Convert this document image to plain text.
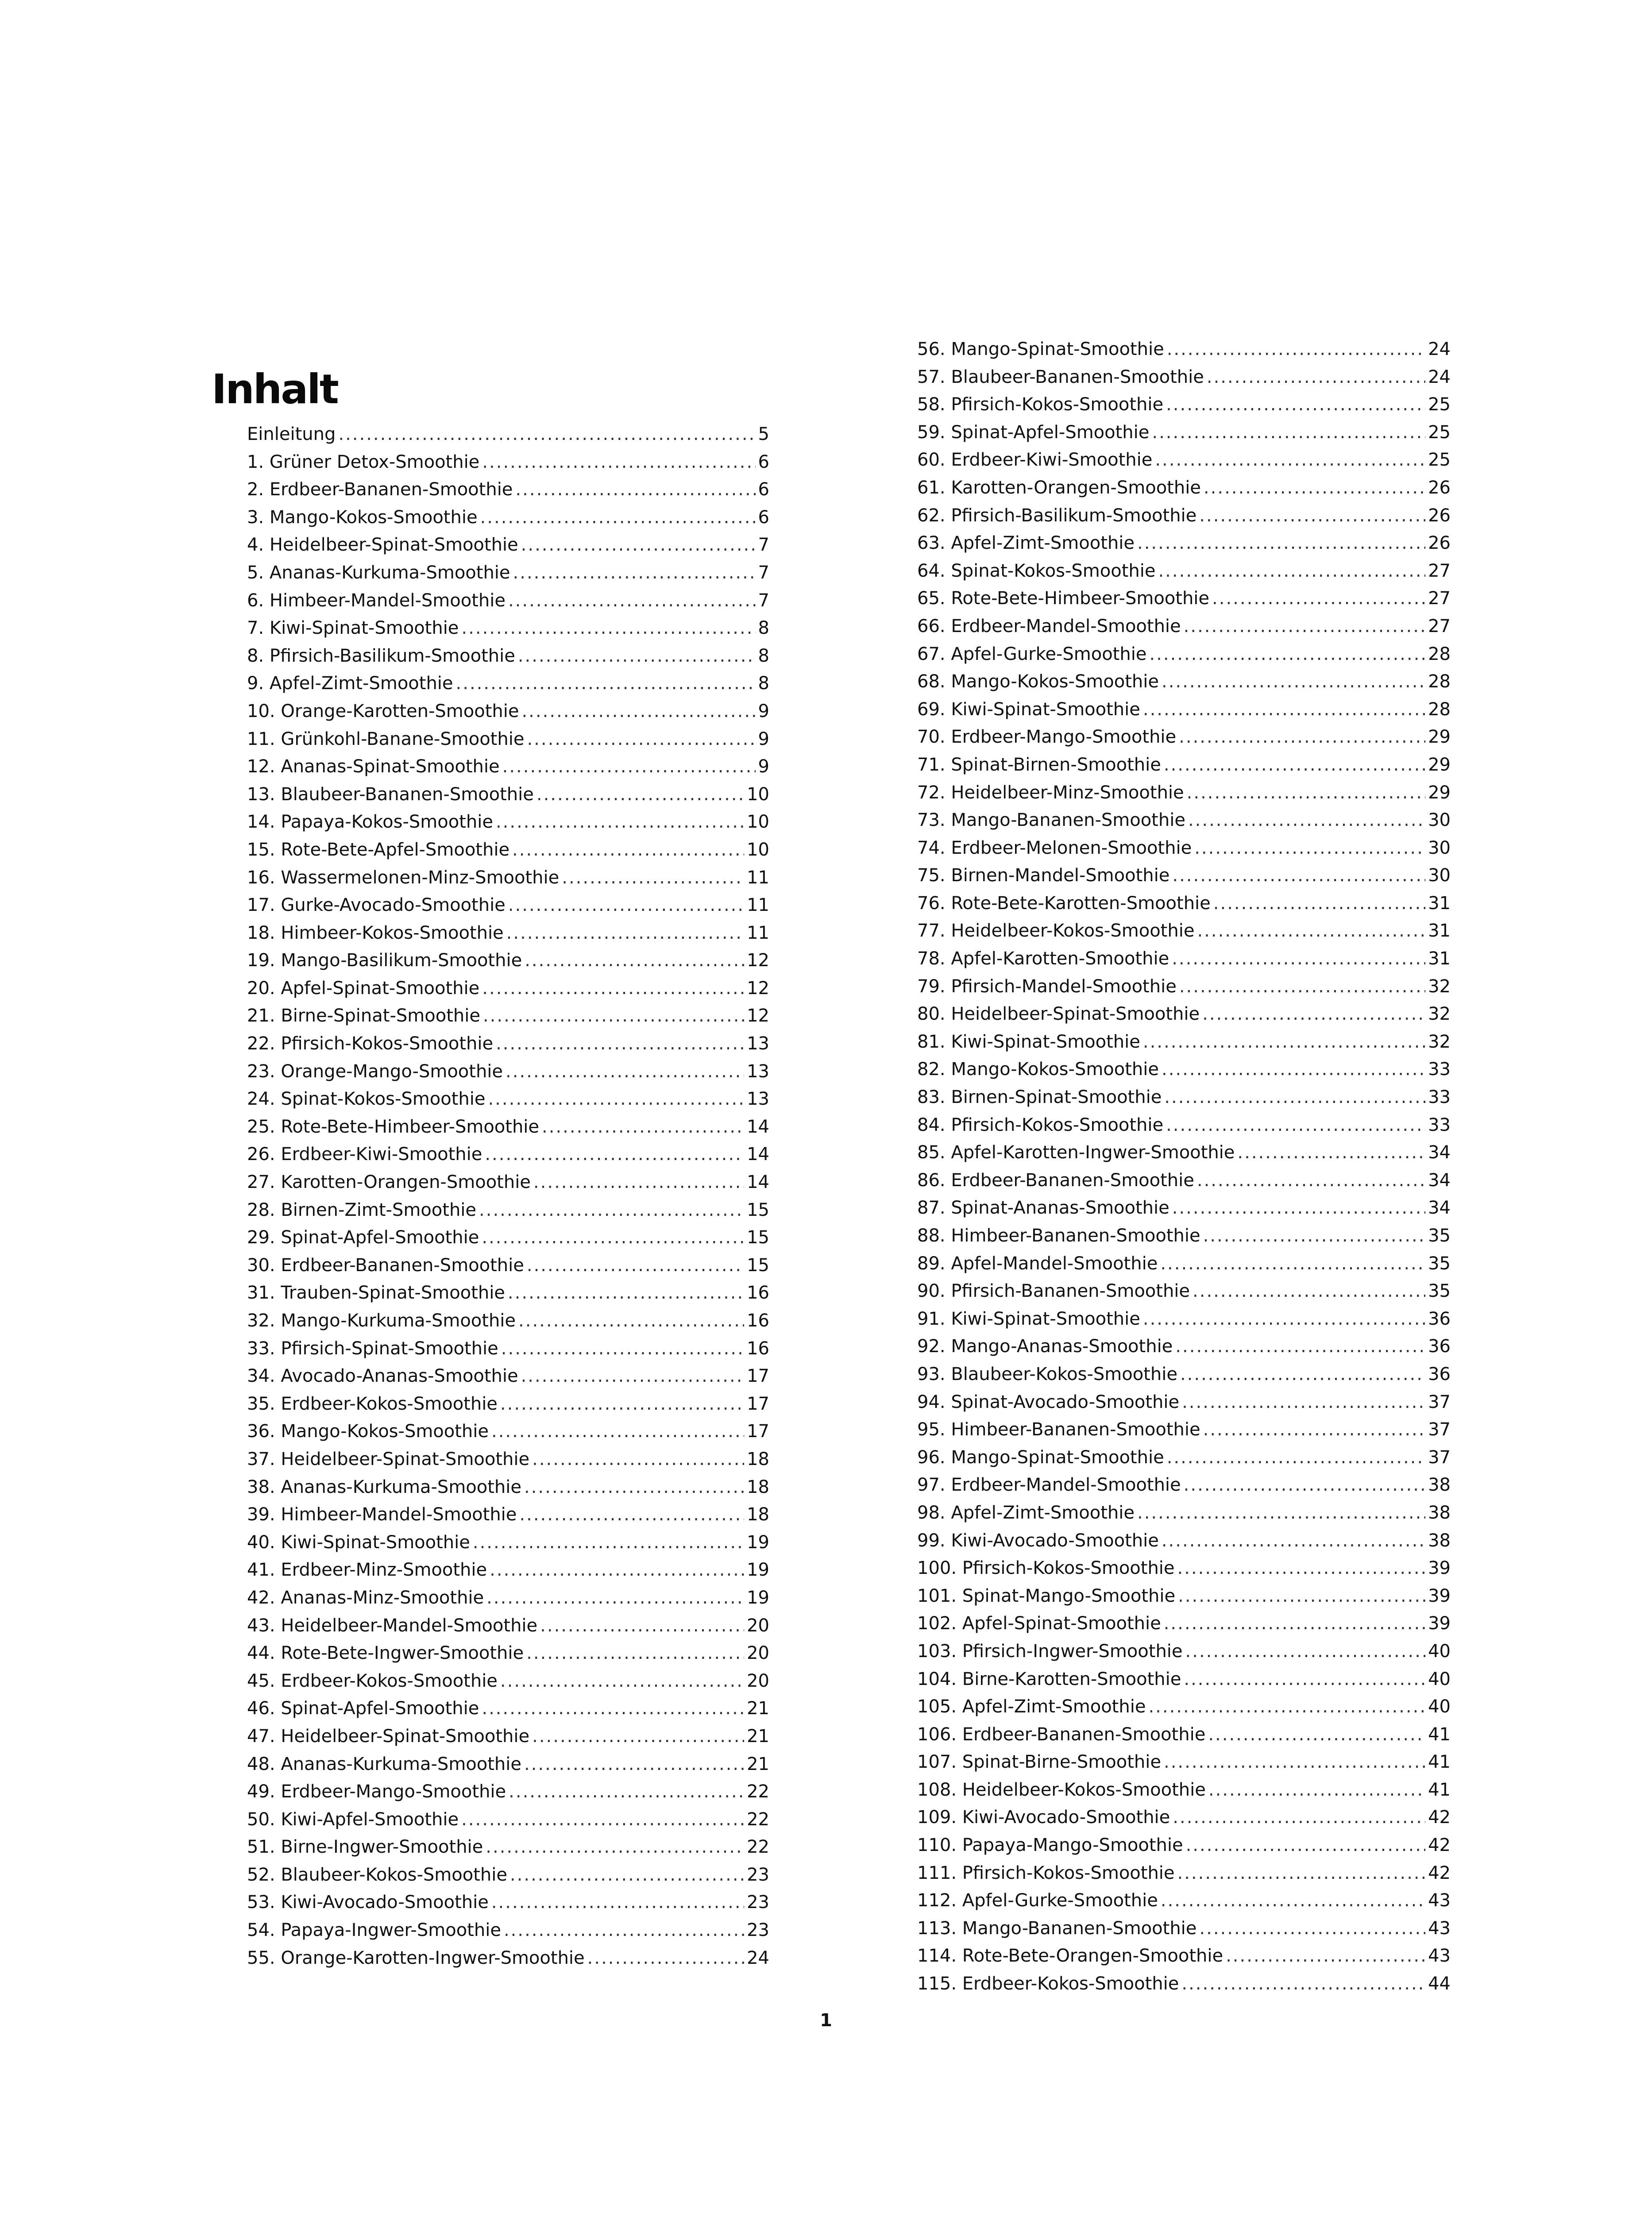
Inhalt
Einleitung .....	5
1. Grüner Detox-Smoothie .....	6
2. Erdbeer-Bananen-Smoothie .....	6
3. Mango-Kokos-Smoothie .....	6
4. Heidelbeer-Spinat-Smoothie .....	7
5. Ananas-Kurkuma-Smoothie .....	7
6. Himbeer-Mandel-Smoothie .....	7
7. Kiwi-Spinat-Smoothie .....	8
8. Pfirsich-Basilikum-Smoothie .....	8
9. Apfel-Zimt-Smoothie .....	8
10. Orange-Karotten-Smoothie .....	9
11. Grünkohl-Banane-Smoothie .....	9
12. Ananas-Spinat-Smoothie .....	9
13. Blaubeer-Bananen-Smoothie .....	10
14. Papaya-Kokos-Smoothie .....	10
15. Rote-Bete-Apfel-Smoothie .....	10
16. Wassermelonen-Minz-Smoothie .....	11
17. Gurke-Avocado-Smoothie .....	11
18. Himbeer-Kokos-Smoothie .....	11
19. Mango-Basilikum-Smoothie .....	12
20. Apfel-Spinat-Smoothie .....	12
21. Birne-Spinat-Smoothie .....	12
22. Pfirsich-Kokos-Smoothie .....	13
23. Orange-Mango-Smoothie .....	13
24. Spinat-Kokos-Smoothie .....	13
25. Rote-Bete-Himbeer-Smoothie .....	14
26. Erdbeer-Kiwi-Smoothie .....	14
27. Karotten-Orangen-Smoothie .....	14
28. Birnen-Zimt-Smoothie .....	15
29. Spinat-Apfel-Smoothie .....	15
30. Erdbeer-Bananen-Smoothie .....	15
31. Trauben-Spinat-Smoothie .....	16
32. Mango-Kurkuma-Smoothie .....	16
33. Pfirsich-Spinat-Smoothie .....	16
34. Avocado-Ananas-Smoothie .....	17
35. Erdbeer-Kokos-Smoothie .....	17
36. Mango-Kokos-Smoothie .....	17
37. Heidelbeer-Spinat-Smoothie .....	18
38. Ananas-Kurkuma-Smoothie .....	18
39. Himbeer-Mandel-Smoothie .....	18
40. Kiwi-Spinat-Smoothie .....	19
41. Erdbeer-Minz-Smoothie .....	19
42. Ananas-Minz-Smoothie .....	19
43. Heidelbeer-Mandel-Smoothie .....	20
44. Rote-Bete-Ingwer-Smoothie .....	20
45. Erdbeer-Kokos-Smoothie .....	20
46. Spinat-Apfel-Smoothie .....	21
47. Heidelbeer-Spinat-Smoothie .....	21
48. Ananas-Kurkuma-Smoothie .....	21
49. Erdbeer-Mango-Smoothie .....	22
50. Kiwi-Apfel-Smoothie .....	22
51. Birne-Ingwer-Smoothie .....	22
52. Blaubeer-Kokos-Smoothie .....	23
53. Kiwi-Avocado-Smoothie .....	23
54. Papaya-Ingwer-Smoothie .....	23
55. Orange-Karotten-Ingwer-Smoothie .....	24
56. Mango-Spinat-Smoothie .....	24
57. Blaubeer-Bananen-Smoothie .....	24
58. Pfirsich-Kokos-Smoothie .....	25
59. Spinat-Apfel-Smoothie .....	25
60. Erdbeer-Kiwi-Smoothie .....	25
61. Karotten-Orangen-Smoothie .....	26
62. Pfirsich-Basilikum-Smoothie .....	26
63. Apfel-Zimt-Smoothie .....	26
64. Spinat-Kokos-Smoothie .....	27
65. Rote-Bete-Himbeer-Smoothie .....	27
66. Erdbeer-Mandel-Smoothie .....	27
67. Apfel-Gurke-Smoothie .....	28
68. Mango-Kokos-Smoothie .....	28
69. Kiwi-Spinat-Smoothie .....	28
70. Erdbeer-Mango-Smoothie .....	29
71. Spinat-Birnen-Smoothie .....	29
72. Heidelbeer-Minz-Smoothie .....	29
73. Mango-Bananen-Smoothie .....	30
74. Erdbeer-Melonen-Smoothie .....	30
75. Birnen-Mandel-Smoothie .....	30
76. Rote-Bete-Karotten-Smoothie .....	31
77. Heidelbeer-Kokos-Smoothie .....	31
78. Apfel-Karotten-Smoothie .....	31
79. Pfirsich-Mandel-Smoothie .....	32
80. Heidelbeer-Spinat-Smoothie .....	32
81. Kiwi-Spinat-Smoothie .....	32
82. Mango-Kokos-Smoothie .....	33
83. Birnen-Spinat-Smoothie .....	33
84. Pfirsich-Kokos-Smoothie .....	33
85. Apfel-Karotten-Ingwer-Smoothie .....	34
86. Erdbeer-Bananen-Smoothie .....	34
87. Spinat-Ananas-Smoothie .....	34
88. Himbeer-Bananen-Smoothie .....	35
89. Apfel-Mandel-Smoothie .....	35
90. Pfirsich-Bananen-Smoothie .....	35
91. Kiwi-Spinat-Smoothie .....	36
92. Mango-Ananas-Smoothie .....	36
93. Blaubeer-Kokos-Smoothie .....	36
94. Spinat-Avocado-Smoothie .....	37
95. Himbeer-Bananen-Smoothie .....	37
96. Mango-Spinat-Smoothie .....	37
97. Erdbeer-Mandel-Smoothie .....	38
98. Apfel-Zimt-Smoothie .....	38
99. Kiwi-Avocado-Smoothie .....	38
100. Pfirsich-Kokos-Smoothie .....	39
101. Spinat-Mango-Smoothie .....	39
102. Apfel-Spinat-Smoothie .....	39
103. Pfirsich-Ingwer-Smoothie .....	40
104. Birne-Karotten-Smoothie .....	40
105. Apfel-Zimt-Smoothie .....	40
106. Erdbeer-Bananen-Smoothie .....	41
107. Spinat-Birne-Smoothie .....	41
108. Heidelbeer-Kokos-Smoothie .....	41
109. Kiwi-Avocado-Smoothie .....	42
110. Papaya-Mango-Smoothie .....	42
111. Pfirsich-Kokos-Smoothie .....	42
112. Apfel-Gurke-Smoothie .....	43
113. Mango-Bananen-Smoothie .....	43
114. Rote-Bete-Orangen-Smoothie .....	43
115. Erdbeer-Kokos-Smoothie .....	44
1
